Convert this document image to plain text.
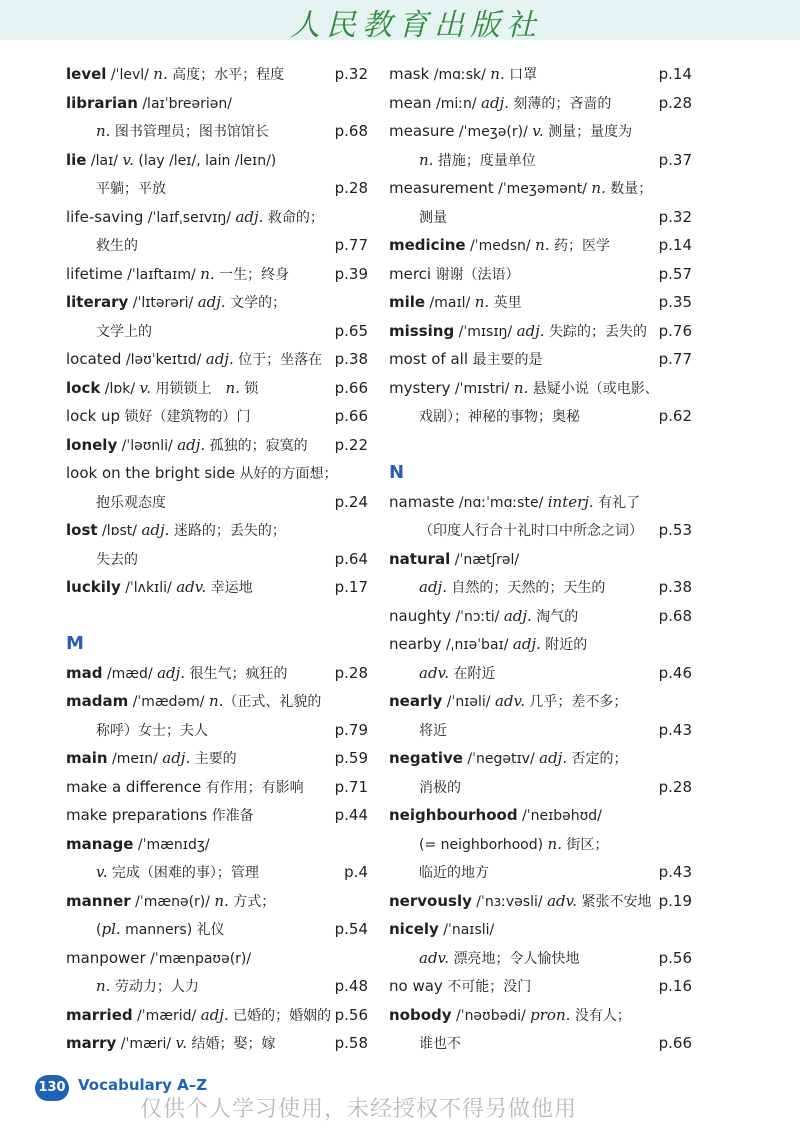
人民教育出版社
level /ˈlevl/ n. 高度；水平；程度	p.32
librarian /laɪˈbreəriən/
n. 图书管理员；图书馆馆长	p.68
lie /laɪ/ v. (lay /leɪ/, lain /leɪn/)
平躺；平放	p.28
life-saving /ˈlaɪfˌseɪvɪŋ/ adj. 救命的；
救生的	p.77
lifetime /ˈlaɪftaɪm/ n. 一生；终身	p.39
literary /ˈlɪtərəri/ adj. 文学的；
文学上的	p.65
located /ləʊˈkeɪtɪd/ adj. 位于；坐落在 p.38
lock /lɒk/ v. 用锁锁上　n. 锁	p.66
lock up 锁好（建筑物的）门	p.66
lonely /ˈləʊnli/ adj. 孤独的；寂寞的 p.22
look on the bright side 从好的方面想；
抱乐观态度	p.24
lost /lɒst/ adj. 迷路的；丢失的；
失去的	p.64
luckily /ˈlʌkɪli/ adv. 幸运地	p.17
M
mad /mæd/ adj. 很生气；疯狂的	p.28
madam /ˈmædəm/ n.（正式、礼貌的
称呼）女士；夫人	p.79
main /meɪn/ adj. 主要的	p.59
make a difference 有作用；有影响 p.71
make preparations 作准备	p.44
manage /ˈmænɪdʒ/
v. 完成（困难的事）；管理	p.4
manner /ˈmænə(r)/ n. 方式；
(pl. manners) 礼仪	p.54
manpower /ˈmænpaʊə(r)/
n. 劳动力；人力	p.48
married /ˈmærid/ adj. 已婚的；婚姻的 p.56
marry /ˈmæri/ v. 结婚；娶；嫁	p.58
mask /mɑːsk/ n. 口罩	p.14
mean /miːn/ adj. 刻薄的；吝啬的	p.28
measure /ˈmeʒə(r)/ v. 测量；量度为
n. 措施；度量单位	p.37
measurement /ˈmeʒəmənt/ n. 数量；
测量	p.32
medicine /ˈmedsn/ n. 药；医学	p.14
merci 谢谢（法语）	p.57
mile /maɪl/ n. 英里	p.35
missing /ˈmɪsɪŋ/ adj. 失踪的；丢失的 p.76
most of all 最主要的是	p.77
mystery /ˈmɪstri/ n. 悬疑小说（或电影、
戏剧）；神秘的事物；奥秘	p.62
N
namaste /nɑːˈmɑːste/ interj. 有礼了
（印度人行合十礼时口中所念之词） p.53
natural /ˈnætʃrəl/
adj. 自然的；天然的；天生的	p.38
naughty /ˈnɔːti/ adj. 淘气的	p.68
nearby /ˌnɪəˈbaɪ/ adj. 附近的
adv. 在附近	p.46
nearly /ˈnɪəli/ adv. 几乎；差不多；
将近	p.43
negative /ˈnegətɪv/ adj. 否定的；
消极的	p.28
neighbourhood /ˈneɪbəhʊd/
(= neighborhood) n. 街区；
临近的地方	p.43
nervously /ˈnɜːvəsli/ adv. 紧张不安地 p.19
nicely /ˈnaɪsli/
adv. 漂亮地；令人愉快地	p.56
no way 不可能；没门	p.16
nobody /ˈnəʊbədi/ pron. 没有人；
谁也不	p.66
130 Vocabulary A–Z
仅供个人学习使用，未经授权不得另做他用
